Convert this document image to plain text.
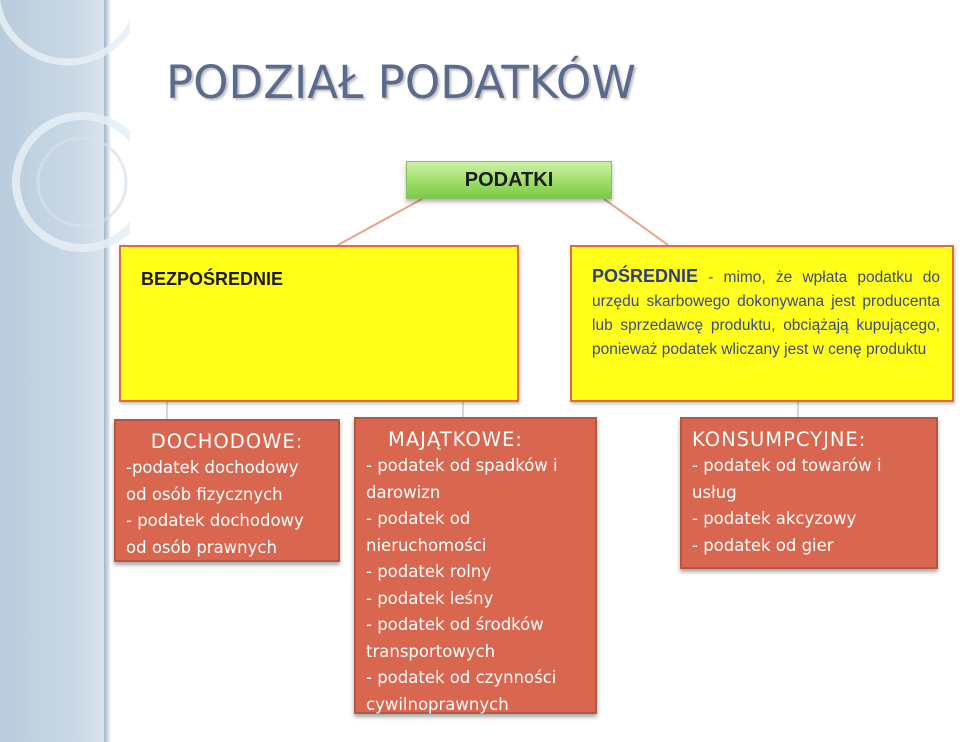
PODZIAŁ PODATKÓW
PODATKI
BEZPOŚREDNIE	POŚREDNIE - mimo, że wpłata podatku do urzędu skarbowego dokonywana jest producenta lub sprzedawcę produktu, obciążają kupującego, ponieważ podatek wliczany jest w cenę produktu
DOCHODOWE:
-podatek dochodowy
od osób fizycznych
- podatek dochodowy
od osób prawnych
MAJĄTKOWE:
- podatek od spadków i
darowizn
- podatek od
nieruchomości
- podatek rolny
- podatek leśny
- podatek od środków
transportowych
- podatek od czynności
cywilnoprawnych
KONSUMPCYJNE:
- podatek od towarów i
usług
- podatek akcyzowy
- podatek od gier
